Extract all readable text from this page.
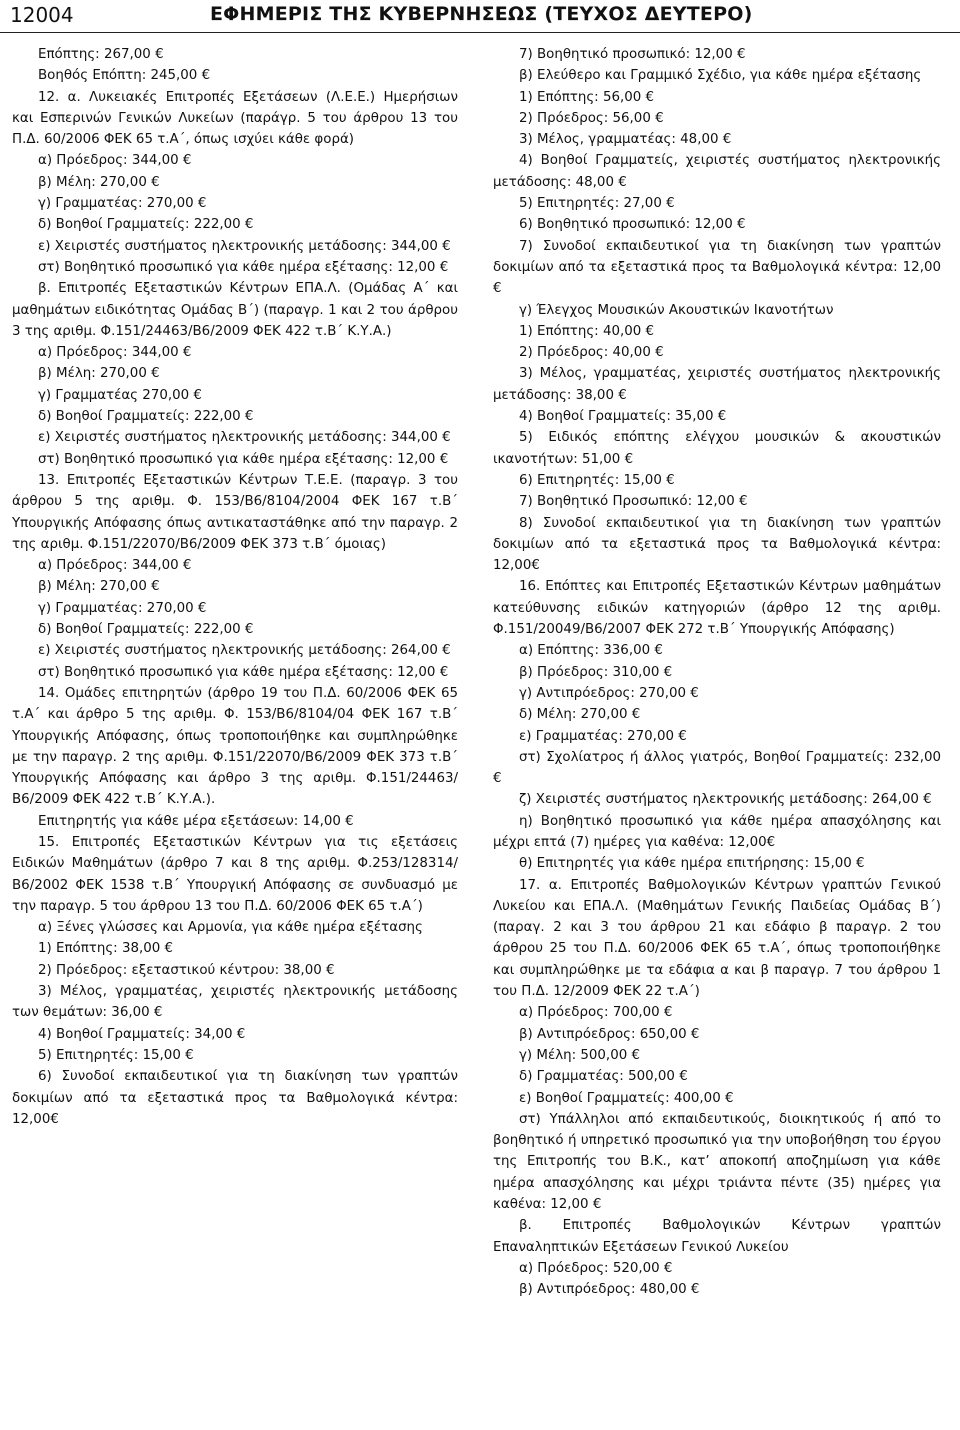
12004	ΕΦΗΜΕΡΙΣ ΤΗΣ ΚΥΒΕΡΝΗΣΕΩΣ (ΤΕΥΧΟΣ ΔΕΥΤΕΡΟ)

Επόπτης: 267,00 €

Βοηθός Επόπτη: 245,00 €

12. α. Λυκειακές Επιτροπές Εξετάσεων (Λ.Ε.Ε.) Ημερήσιων και Εσπερινών Γενικών Λυκείων (παράγρ. 5 του άρθρου 13 του Π.Δ. 60/2006 ΦΕΚ 65 τ.Α΄, όπως ισχύει κάθε φορά)

α) Πρόεδρος: 344,00 €

β) Μέλη: 270,00 €

γ) Γραμματέας: 270,00 €

δ) Βοηθοί Γραμματείς: 222,00 €

ε) Χειριστές συστήματος ηλεκτρονικής μετάδοσης: 344,00 €

στ) Βοηθητικό προσωπικό για κάθε ημέρα εξέτασης: 12,00 €

β. Επιτροπές Εξεταστικών Κέντρων ΕΠΑ.Λ. (Ομάδας Α΄ και μαθημάτων ειδικότητας Ομάδας Β΄) (παραγρ. 1 και 2 του άρθρου 3 της αριθμ. Φ.151/24463/Β6/2009 ΦΕΚ 422 τ.Β΄ Κ.Υ.Α.)

α) Πρόεδρος: 344,00 €

β) Μέλη: 270,00 €

γ) Γραμματέας 270,00 €

δ) Βοηθοί Γραμματείς: 222,00 €

ε) Χειριστές συστήματος ηλεκτρονικής μετάδοσης: 344,00 €

στ) Βοηθητικό προσωπικό για κάθε ημέρα εξέτασης: 12,00 €

13. Επιτροπές Εξεταστικών Κέντρων Τ.Ε.Ε. (παραγρ. 3 του άρθρου 5 της αριθμ. Φ. 153/Β6/8104/2004 ΦΕΚ 167 τ.Β΄ Υπουργικής Απόφασης όπως αντικαταστάθηκε από την παραγρ. 2 της αριθμ. Φ.151/22070/Β6/2009 ΦΕΚ 373 τ.Β΄ όμοιας)

α) Πρόεδρος: 344,00 €

β) Μέλη: 270,00 €

γ) Γραμματέας: 270,00 €

δ) Βοηθοί Γραμματείς: 222,00 €

ε) Χειριστές συστήματος ηλεκτρονικής μετάδοσης: 264,00 €

στ) Βοηθητικό προσωπικό για κάθε ημέρα εξέτασης: 12,00 €

14. Ομάδες επιτηρητών (άρθρο 19 του Π.Δ. 60/2006 ΦΕΚ 65 τ.Α΄ και άρθρο 5 της αριθμ. Φ. 153/Β6/8104/04 ΦΕΚ 167 τ.Β΄ Υπουργικής Απόφασης, όπως τροποποιήθηκε και συμπληρώθηκε με την παραγρ. 2 της αριθμ. Φ.151/22070/Β6/2009 ΦΕΚ 373 τ.Β΄ Υπουργικής Απόφασης και άρθρο 3 της αριθμ. Φ.151/24463/Β6/2009 ΦΕΚ 422 τ.Β΄ Κ.Υ.Α.).

Επιτηρητής για κάθε μέρα εξετάσεων: 14,00 €

15. Επιτροπές Εξεταστικών Κέντρων για τις εξετάσεις Ειδικών Μαθημάτων (άρθρο 7 και 8 της αριθμ. Φ.253/128314/Β6/2002 ΦΕΚ 1538 τ.Β΄ Υπουργική Απόφασης σε συνδυασμό με την παραγρ. 5 του άρθρου 13 του Π.Δ. 60/2006 ΦΕΚ 65 τ.Α΄)

α) Ξένες γλώσσες και Αρμονία, για κάθε ημέρα εξέτασης

1) Επόπτης: 38,00 €

2) Πρόεδρος: εξεταστικού κέντρου: 38,00 €

3) Μέλος, γραμματέας, χειριστές ηλεκτρονικής μετάδοσης των θεμάτων: 36,00 €

4) Βοηθοί Γραμματείς: 34,00 €

5) Επιτηρητές: 15,00 €

6) Συνοδοί εκπαιδευτικοί για τη διακίνηση των γραπτών δοκιμίων από τα εξεταστικά προς τα Βαθμολογικά κέντρα: 12,00€

7) Βοηθητικό προσωπικό: 12,00 €

β) Ελεύθερο και Γραμμικό Σχέδιο, για κάθε ημέρα εξέτασης

1) Επόπτης: 56,00 €

2) Πρόεδρος: 56,00 €

3) Μέλος, γραμματέας: 48,00 €

4) Βοηθοί Γραμματείς, χειριστές συστήματος ηλεκτρονικής μετάδοσης: 48,00 €

5) Επιτηρητές: 27,00 €

6) Βοηθητικό προσωπικό: 12,00 €

7) Συνοδοί εκπαιδευτικοί για τη διακίνηση των γραπτών δοκιμίων από τα εξεταστικά προς τα Βαθμολογικά κέντρα: 12,00 €

γ) Έλεγχος Μουσικών Ακουστικών Ικανοτήτων

1) Επόπτης: 40,00 €

2) Πρόεδρος: 40,00 €

3) Μέλος, γραμματέας, χειριστές συστήματος ηλεκτρονικής μετάδοσης: 38,00 €

4) Βοηθοί Γραμματείς: 35,00 €

5) Ειδικός επόπτης ελέγχου μουσικών & ακουστικών ικανοτήτων: 51,00 €

6) Επιτηρητές: 15,00 €

7) Βοηθητικό Προσωπικό: 12,00 €

8) Συνοδοί εκπαιδευτικοί για τη διακίνηση των γραπτών δοκιμίων από τα εξεταστικά προς τα Βαθμολογικά κέντρα: 12,00€

16. Επόπτες και Επιτροπές Εξεταστικών Κέντρων μαθημάτων κατεύθυνσης ειδικών κατηγοριών (άρθρο 12 της αριθμ. Φ.151/20049/Β6/2007 ΦΕΚ 272 τ.Β΄ Υπουργικής Απόφασης)

α) Επόπτης: 336,00 €

β) Πρόεδρος: 310,00 €

γ) Αντιπρόεδρος: 270,00 €

δ) Μέλη: 270,00 €

ε) Γραμματέας: 270,00 €

στ) Σχολίατρος ή άλλος γιατρός, Βοηθοί Γραμματείς: 232,00 €

ζ) Χειριστές συστήματος ηλεκτρονικής μετάδοσης: 264,00 €

η) Βοηθητικό προσωπικό για κάθε ημέρα απασχόλησης και μέχρι επτά (7) ημέρες για καθένα: 12,00€

θ) Επιτηρητές για κάθε ημέρα επιτήρησης: 15,00 €

17. α. Επιτροπές Βαθμολογικών Κέντρων γραπτών Γενικού Λυκείου και ΕΠΑ.Λ. (Μαθημάτων Γενικής Παιδείας Ομάδας Β΄) (παραγ. 2 και 3 του άρθρου 21 και εδάφιο β παραγρ. 2 του άρθρου 25 του Π.Δ. 60/2006 ΦΕΚ 65 τ.Α΄, όπως τροποποιήθηκε και συμπληρώθηκε με τα εδάφια α και β παραγρ. 7 του άρθρου 1 του Π.Δ. 12/2009 ΦΕΚ 22 τ.Α΄)

α) Πρόεδρος: 700,00 €

β) Αντιπρόεδρος: 650,00 €

γ) Μέλη: 500,00 €

δ) Γραμματέας: 500,00 €

ε) Βοηθοί Γραμματείς: 400,00 €

στ) Υπάλληλοι από εκπαιδευτικούς, διοικητικούς ή από το βοηθητικό ή υπηρετικό προσωπικό για την υποβοήθηση του έργου της Επιτροπής του Β.Κ., κατ’ αποκοπή αποζημίωση για κάθε ημέρα απασχόλησης και μέχρι τριάντα πέντε (35) ημέρες για καθένα: 12,00 €

β. Επιτροπές Βαθμολογικών Κέντρων γραπτών Επαναληπτικών Εξετάσεων Γενικού Λυκείου

α) Πρόεδρος: 520,00 €

β) Αντιπρόεδρος: 480,00 €
